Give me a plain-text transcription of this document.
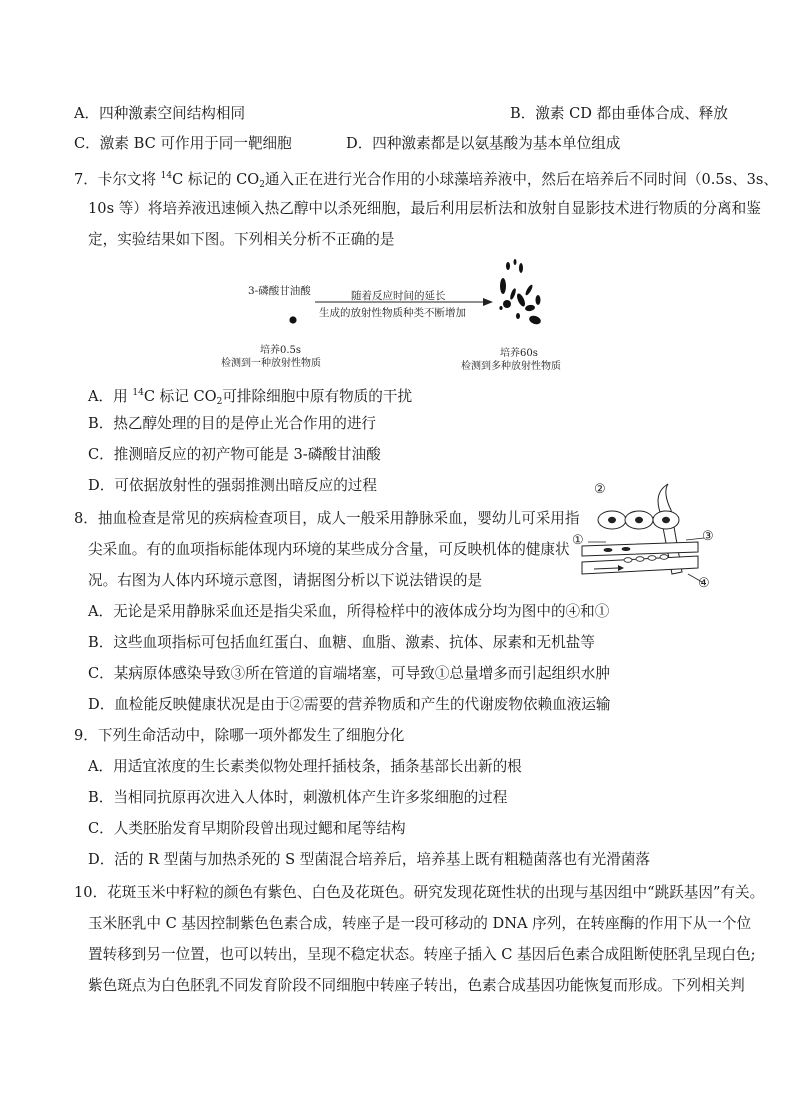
A．四种激素空间结构相同	B．激素 CD 都由垂体合成、释放
C．激素 BC 可作用于同一靶细胞	D．四种激素都是以氨基酸为基本单位组成
7．卡尔文将 $^{14}$C 标记的 $CO_2$通入正在进行光合作用的小球藻培养液中，然后在培养后不同时间（0.5s、3s、
10s 等）将培养液迅速倾入热乙醇中以杀死细胞，最后利用层析法和放射自显影技术进行物质的分离和鉴
定，实验结果如下图。下列相关分析不正确的是
3-磷酸甘油酸	随着反应时间的延长
生成的放射性物质种类不断增加
培养0.5s
检测到一种放射性物质
培养60s
检测到多种放射性物质
A．用 $^{14}$C 标记 $CO_2$可排除细胞中原有物质的干扰
B．热乙醇处理的目的是停止光合作用的进行
C．推测暗反应的初产物可能是 3-磷酸甘油酸
D．可依据放射性的强弱推测出暗反应的过程
8．抽血检查是常见的疾病检查项目，成人一般采用静脉采血，婴幼儿可采用指
尖采血。有的血项指标能体现内环境的某些成分含量，可反映机体的健康状
况。右图为人体内环境示意图，请据图分析以下说法错误的是
②
①	③
④
A．无论是采用静脉采血还是指尖采血，所得检样中的液体成分均为图中的④和①
B．这些血项指标可包括血红蛋白、血糖、血脂、激素、抗体、尿素和无机盐等
C．某病原体感染导致③所在管道的盲端堵塞，可导致①总量增多而引起组织水肿
D．血检能反映健康状况是由于②需要的营养物质和产生的代谢废物依赖血液运输
9．下列生命活动中，除哪一项外都发生了细胞分化
A．用适宜浓度的生长素类似物处理扦插枝条，插条基部长出新的根
B．当相同抗原再次进入人体时，刺激机体产生许多浆细胞的过程
C．人类胚胎发育早期阶段曾出现过鳃和尾等结构
D．活的 R 型菌与加热杀死的 S 型菌混合培养后，培养基上既有粗糙菌落也有光滑菌落
10．花斑玉米中籽粒的颜色有紫色、白色及花斑色。研究发现花斑性状的出现与基因组中“跳跃基因”有关。
玉米胚乳中 C 基因控制紫色色素合成，转座子是一段可移动的 DNA 序列，在转座酶的作用下从一个位
置转移到另一位置，也可以转出，呈现不稳定状态。转座子插入 C 基因后色素合成阻断使胚乳呈现白色;
紫色斑点为白色胚乳不同发育阶段不同细胞中转座子转出，色素合成基因功能恢复而形成。下列相关判
